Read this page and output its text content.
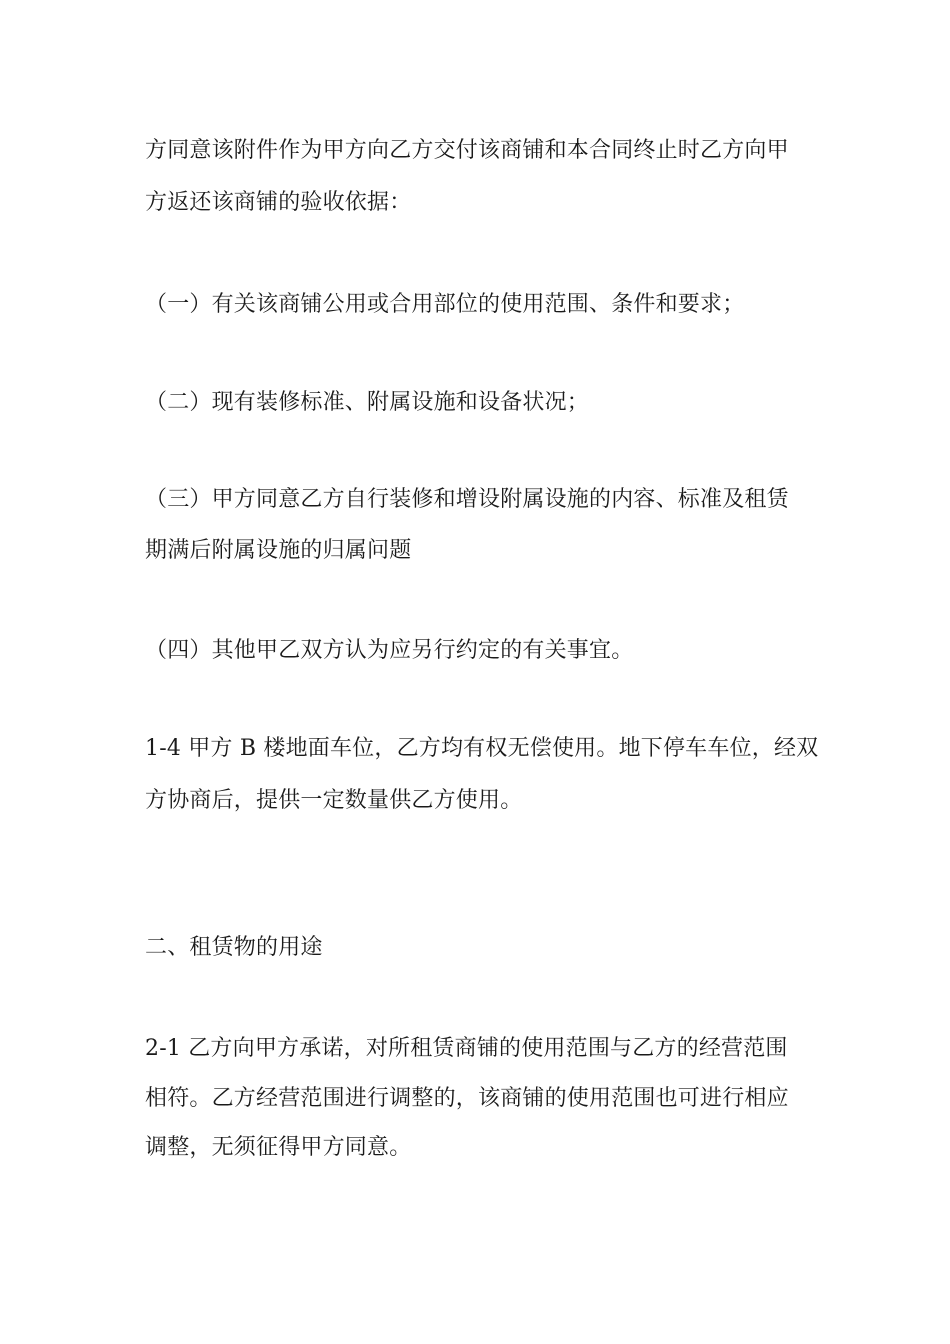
方同意该附件作为甲方向乙方交付该商铺和本合同终止时乙方向甲
方返还该商铺的验收依据：
（一）有关该商铺公用或合用部位的使用范围、条件和要求；
（二）现有装修标准、附属设施和设备状况；
（三）甲方同意乙方自行装修和增设附属设施的内容、标准及租赁
期满后附属设施的归属问题
（四）其他甲乙双方认为应另行约定的有关事宜。
1-4 甲方 B 楼地面车位，乙方均有权无偿使用。地下停车车位，经双
方协商后，提供一定数量供乙方使用。
二、租赁物的用途
2-1 乙方向甲方承诺，对所租赁商铺的使用范围与乙方的经营范围
相符。乙方经营范围进行调整的，该商铺的使用范围也可进行相应
调整，无须征得甲方同意。
